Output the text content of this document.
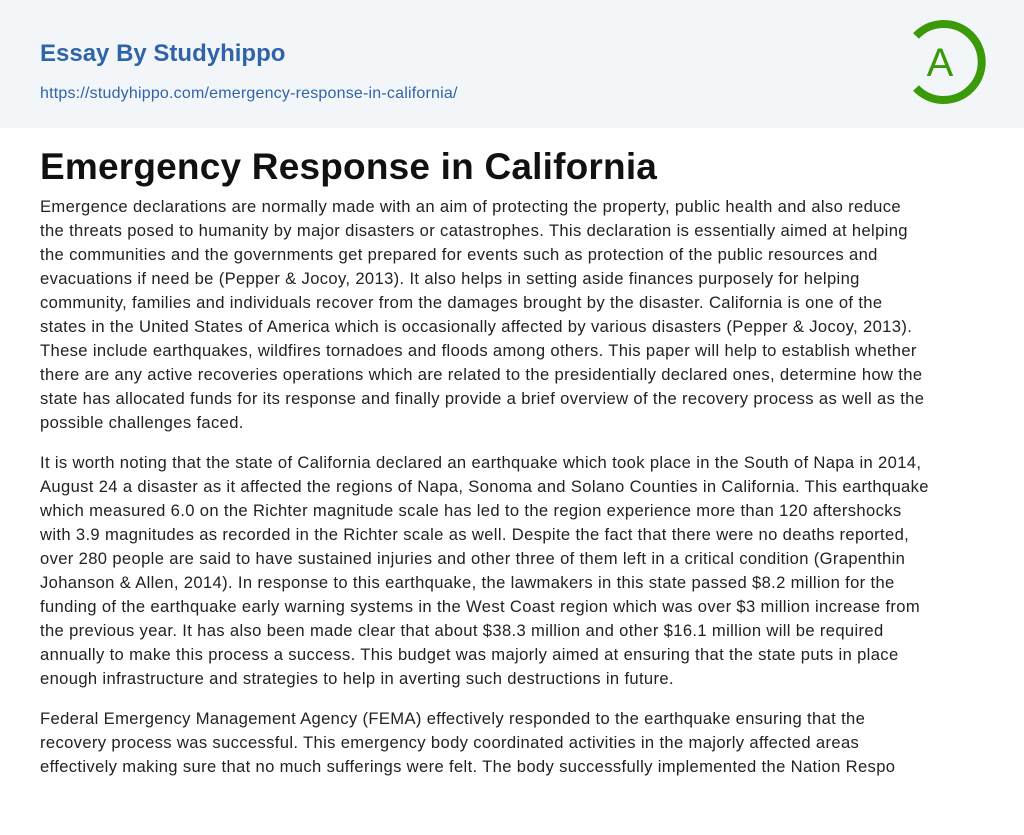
Essay By Studyhippo
https://studyhippo.com/emergency-response-in-california/
A
Emergency Response in California

Emergence declarations are normally made with an aim of protecting the property, public health and also reduce
the threats posed to humanity by major disasters or catastrophes. This declaration is essentially aimed at helping
the communities and the governments get prepared for events such as protection of the public resources and
evacuations if need be (Pepper & Jocoy, 2013). It also helps in setting aside finances purposely for helping
community, families and individuals recover from the damages brought by the disaster. California is one of the
states in the United States of America which is occasionally affected by various disasters (Pepper & Jocoy, 2013).
These include earthquakes, wildfires tornadoes and floods among others. This paper will help to establish whether
there are any active recoveries operations which are related to the presidentially declared ones, determine how the
state has allocated funds for its response and finally provide a brief overview of the recovery process as well as the
possible challenges faced.

It is worth noting that the state of California declared an earthquake which took place in the South of Napa in 2014,
August 24 a disaster as it affected the regions of Napa, Sonoma and Solano Counties in California. This earthquake
which measured 6.0 on the Richter magnitude scale has led to the region experience more than 120 aftershocks
with 3.9 magnitudes as recorded in the Richter scale as well. Despite the fact that there were no deaths reported,
over 280 people are said to have sustained injuries and other three of them left in a critical condition (Grapenthin
Johanson & Allen, 2014). In response to this earthquake, the lawmakers in this state passed $8.2 million for the
funding of the earthquake early warning systems in the West Coast region which was over $3 million increase from
the previous year. It has also been made clear that about $38.3 million and other $16.1 million will be required
annually to make this process a success. This budget was majorly aimed at ensuring that the state puts in place
enough infrastructure and strategies to help in averting such destructions in future.

Federal Emergency Management Agency (FEMA) effectively responded to the earthquake ensuring that the
recovery process was successful. This emergency body coordinated activities in the majorly affected areas
effectively making sure that no much sufferings were felt. The body successfully implemented the Nation Respo
